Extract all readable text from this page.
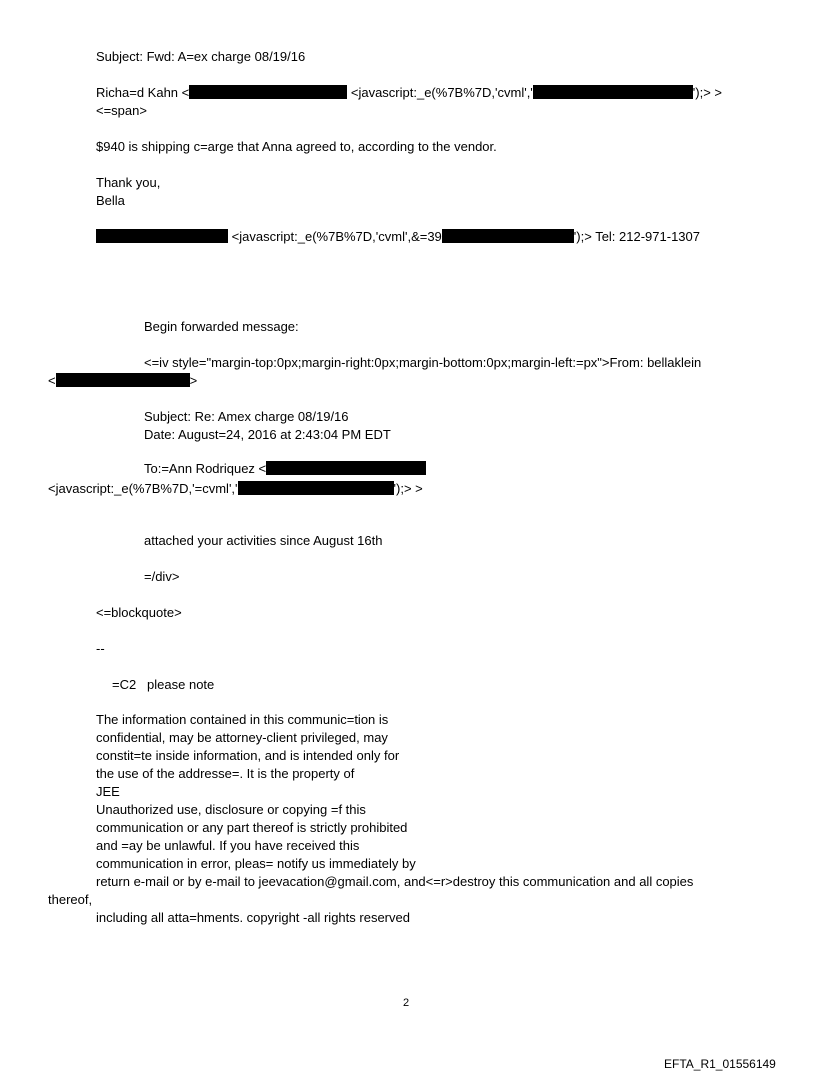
Subject: Fwd: A=ex charge 08/19/16
Richa=d Kahn <	<javascript:_e(%7B%7D,'cvml','	');> >
<=span>
$940 is shipping c=arge that Anna agreed to, according to the vendor.
Thank you,
Bella
<javascript:_e(%7B%7D,'cvml',&=39	');> Tel: 212-971-1307
Begin forwarded message:
<=iv style="margin-top:0px;margin-right:0px;margin-bottom:0px;margin-left:=px">From: bellaklein
<	>
Subject: Re: Amex charge 08/19/16
Date: August=24, 2016 at 2:43:04 PM EDT
To:=Ann Rodriquez <
<javascript:_e(%7B%7D,'=cvml','	');> >
attached your activities since August 16th
=/div>
<=blockquote>
--
=C2   please note
The information contained in this communic=tion is
confidential, may be attorney-client privileged, may
constit=te inside information, and is intended only for
the use of the addresse=. It is the property of
JEE
Unauthorized use, disclosure or copying =f this
communication or any part thereof is strictly prohibited
and =ay be unlawful. If you have received this
communication in error, pleas= notify us immediately by
return e-mail or by e-mail to jeevacation@gmail.com, and<=r>destroy this communication and all copies
thereof,
including all atta=hments. copyright -all rights reserved
2
EFTA_R1_01556149
